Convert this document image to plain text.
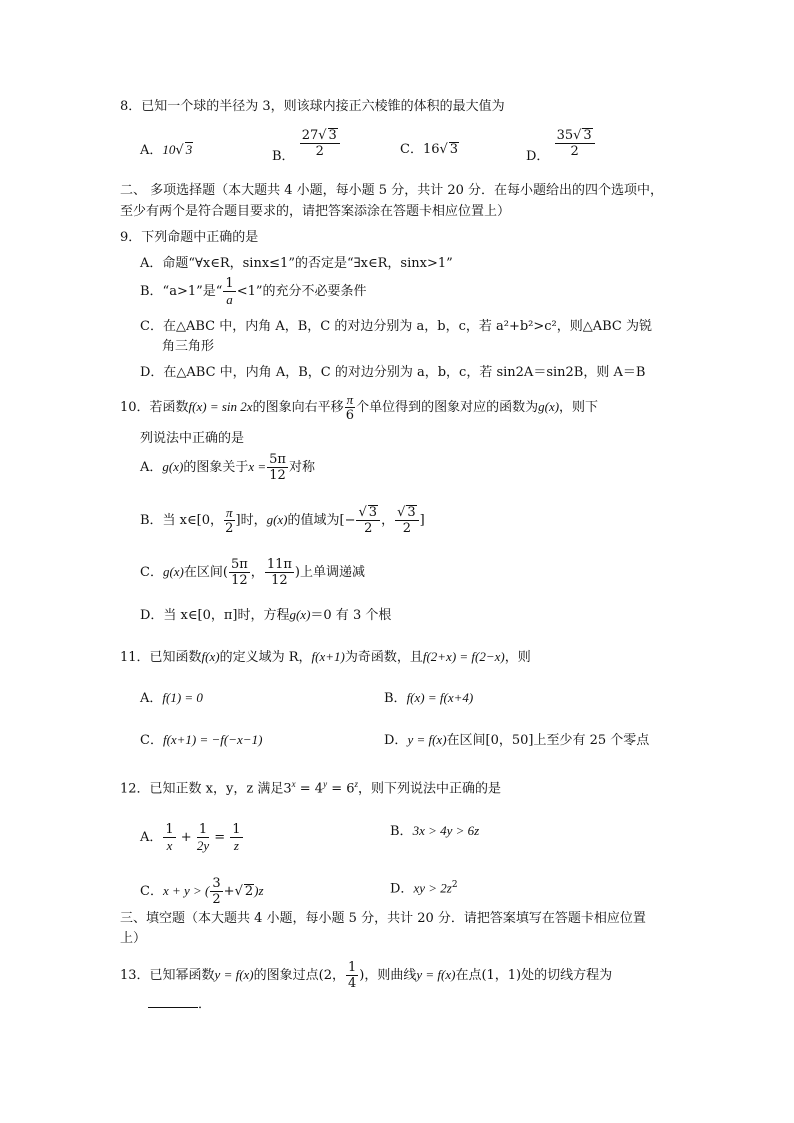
8．已知一个球的半径为 3，则该球内接正六棱锥的体积的最大值为
A．10√ 3	B． $\frac{27√ 3}{2}$	C．16√ 3	D． $\frac{35√ 3}{2}$
二、 多项选择题（本大题共 4 小题，每小题 5 分，共计 20 分．在每小题给出的四个选项中，
至少有两个是符合题目要求的，请把答案添涂在答题卡相应位置上）
9．下列命题中正确的是
A．命题“∀x∈R，sinx≤1”的否定是“∃x∈R，sinx>1”
B．“a>1”是“ $\frac{1}{a} <1$”的充分不必要条件
C．在△ABC 中，内角 A，B，C 的对边分别为 a，b，c，若 a²+b²>c²，则△ABC 为锐
角三角形
D．在△ABC 中，内角 A，B，C 的对边分别为 a，b，c，若 sin2A＝sin2B，则 A＝B
10．若函数f(x) = sin 2x的图象向右平移 $\frac{\pi}{6}$ 个单位得到的图象对应的函数为g(x)，则下
列说法中正确的是
A．g(x)的图象关于$x = \frac{5\pi}{12}$ 对称
B．当 x∈[0， $\frac{\pi}{2}$ ]时，g(x)的值域为[− $\frac{√ 3}{2}$ ， $\frac{√ 3}{2}$ ]
C．g(x)在区间( $\frac{5\pi}{12}$ ， $\frac{11\pi}{12}$ )上单调递减
D．当 x∈[0，π]时，方程g(x)＝0 有 3 个根
11．已知函数f(x)的定义域为 R，f(x+1)为奇函数，且f(2+x) = f(2−x)，则
A．f(1) = 0	B．f(x) = f(x+4)
C．f(x+1) = −f(−x−1)	D．y = f(x)在区间[0，50]上至少有 25 个零点
12．已知正数 x，y，z 满足$3^x = 4^y = 6^z$，则下列说法中正确的是
A． $\frac{1}{x} + \frac{1}{2y} = \frac{1}{z}$	B．3x > 4y > 6z
C．x + y > ( $\frac{3}{2}$ +√ 2)z	D．xy > $2z^2$
三、填空题（本大题共 4 小题，每小题 5 分，共计 20 分．请把答案填写在答题卡相应位置
上）
13．已知幂函数y = f(x)的图象过点(2， $\frac{1}{4}$ )，则曲线y = f(x)在点(1，1)处的切线方程为
．
